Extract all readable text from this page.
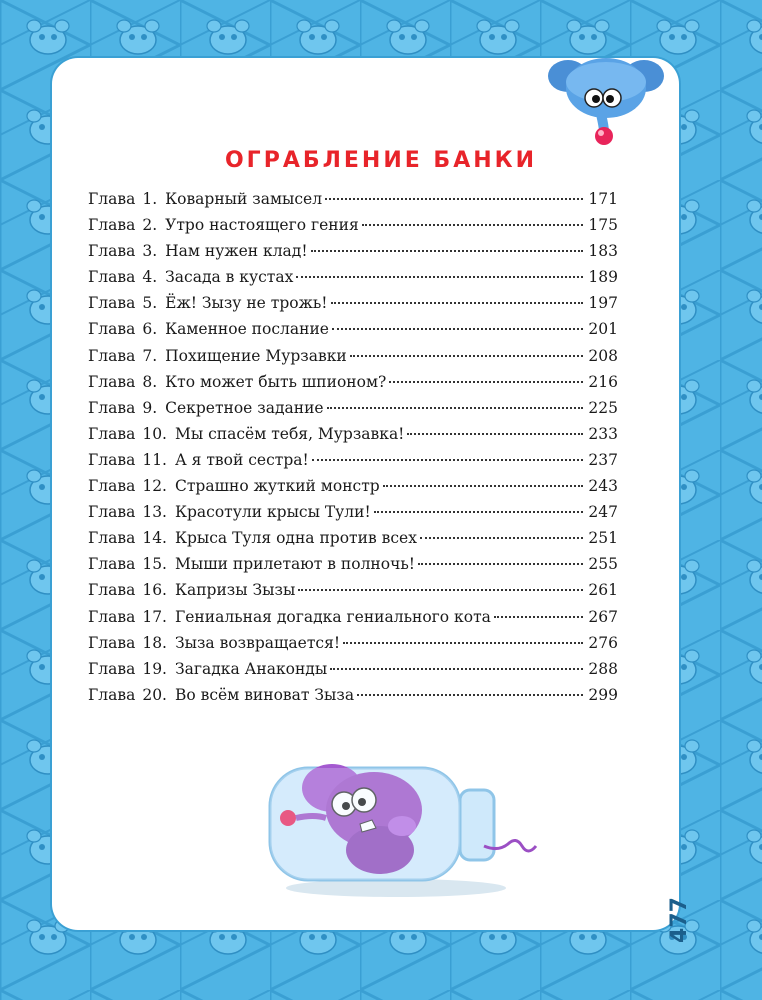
ОГРАБЛЕНИЕ БАНКИ
Глава 1. Коварный замысел	171
Глава 2. Утро настоящего гения	175
Глава 3. Нам нужен клад!	183
Глава 4. Засада в кустах	189
Глава 5. Ёж! Зызу не трожь!	197
Глава 6. Каменное послание	201
Глава 7. Похищение Мурзавки	208
Глава 8. Кто может быть шпионом?	216
Глава 9. Секретное задание	225
Глава 10. Мы спасём тебя, Мурзавка!	233
Глава 11. А я твой сестра!	237
Глава 12. Страшно жуткий монстр	243
Глава 13. Красотули крысы Тули!	247
Глава 14. Крыса Туля одна против всех	251
Глава 15. Мыши прилетают в полночь!	255
Глава 16. Капризы Зызы	261
Глава 17. Гениальная догадка гениального кота	267
Глава 18. Зыза возвращается!	276
Глава 19. Загадка Анаконды	288
Глава 20. Во всём виноват Зыза	299
477
